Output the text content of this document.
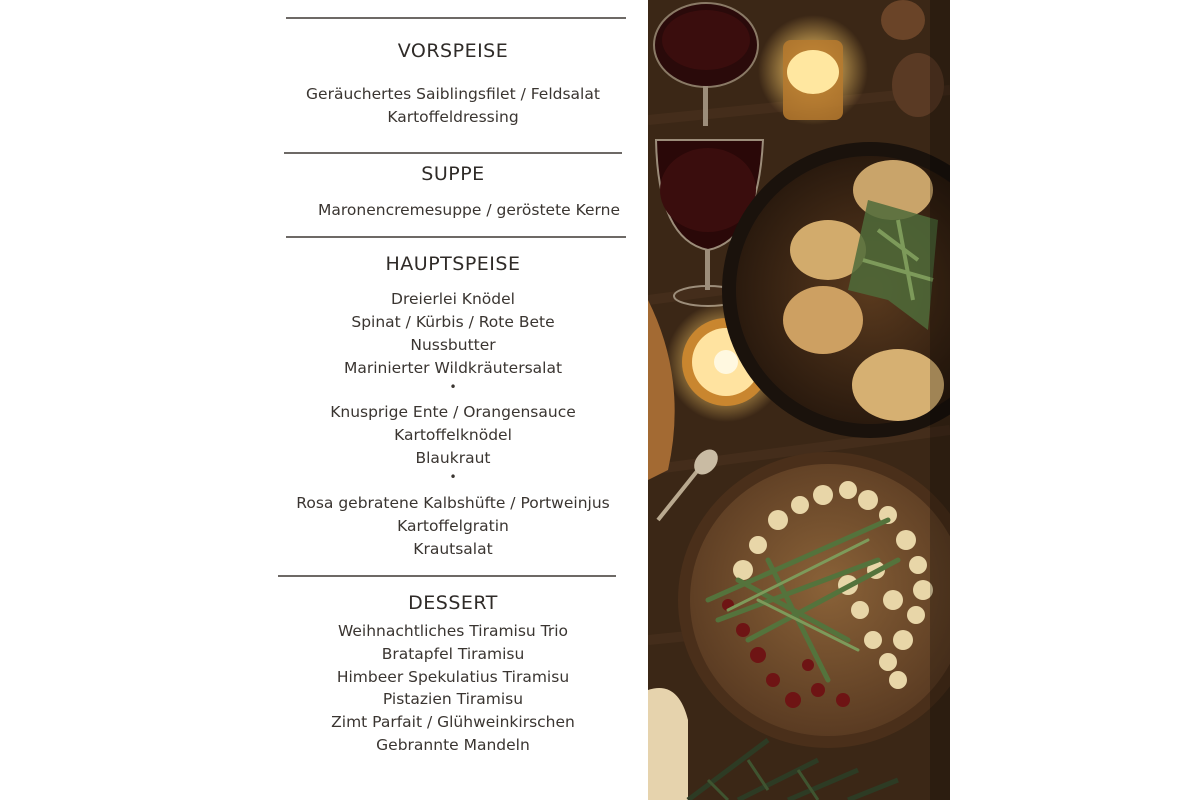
VORSPEISE
Geräuchertes Saiblingsfilet / Feldsalat
Kartoffeldressing
SUPPE
Maronencremesuppe / geröstete Kerne
HAUPTSPEISE
Dreierlei Knödel
Spinat / Kürbis / Rote Bete
Nussbutter
Marinierter Wildkräutersalat
•
Knusprige Ente / Orangensauce
Kartoffelknödel
Blaukraut
•
Rosa gebratene Kalbshüfte / Portweinjus
Kartoffelgratin
Krautsalat
DESSERT
Weihnachtliches Tiramisu Trio
Bratapfel Tiramisu
Himbeer Spekulatius Tiramisu
Pistazien Tiramisu
Zimt Parfait / Glühweinkirschen
Gebrannte Mandeln
